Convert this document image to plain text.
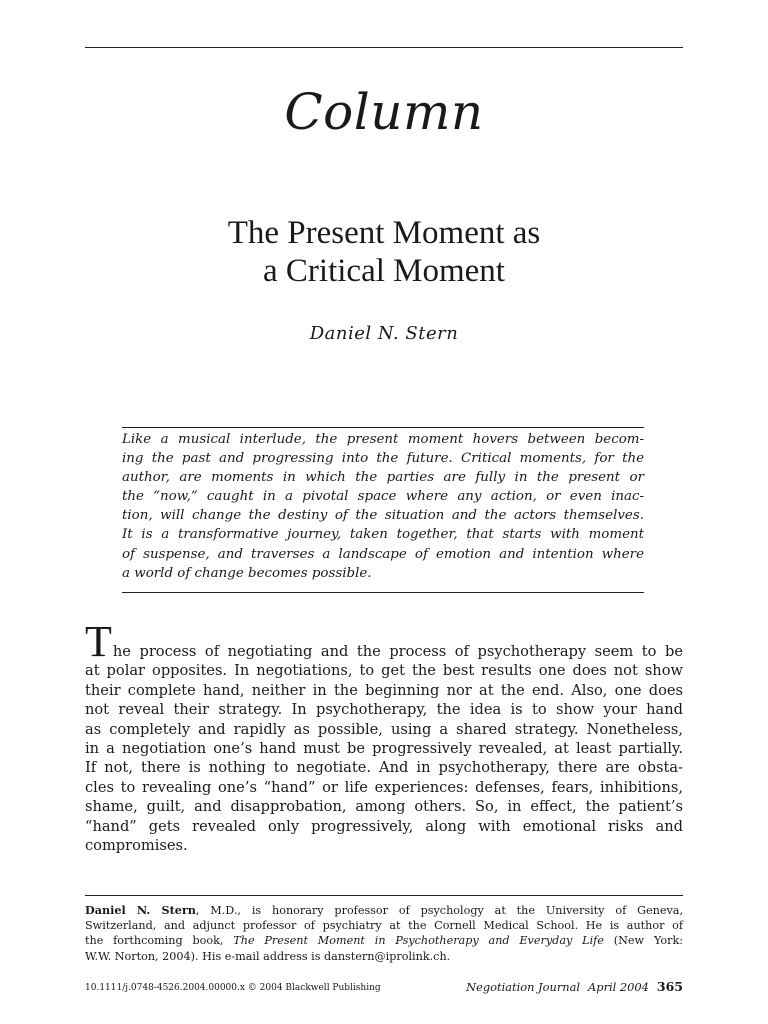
Column
The Present Moment as
a Critical Moment
Daniel N. Stern
Like a musical interlude, the present moment hovers between becom-
ing the past and progressing into the future. Critical moments, for the
author, are moments in which the parties are fully in the present or
the “now,” caught in a pivotal space where any action, or even inac-
tion, will change the destiny of the situation and the actors themselves.
It is a transformative journey, taken together, that starts with moment
of suspense, and traverses a landscape of emotion and intention where
a world of change becomes possible.
The process of negotiating and the process of psychotherapy seem to be
at polar opposites. In negotiations, to get the best results one does not show
their complete hand, neither in the beginning nor at the end. Also, one does
not reveal their strategy. In psychotherapy, the idea is to show your hand
as completely and rapidly as possible, using a shared strategy. Nonetheless,
in a negotiation one’s hand must be progressively revealed, at least partially.
If not, there is nothing to negotiate. And in psychotherapy, there are obsta-
cles to revealing one’s “hand” or life experiences: defenses, fears, inhibitions,
shame, guilt, and disapprobation, among others. So, in effect, the patient’s
“hand” gets revealed only progressively, along with emotional risks and
compromises.
Daniel N. Stern, M.D., is honorary professor of psychology at the University of Geneva,
Switzerland, and adjunct professor of psychiatry at the Cornell Medical School. He is author of
the forthcoming book, The Present Moment in Psychotherapy and Everyday Life (New York:
W.W. Norton, 2004). His e-mail address is danstern@iprolink.ch.
10.1111/j.0748-4526.2004.00000.x © 2004 Blackwell Publishing	Negotiation Journal April 2004 365
